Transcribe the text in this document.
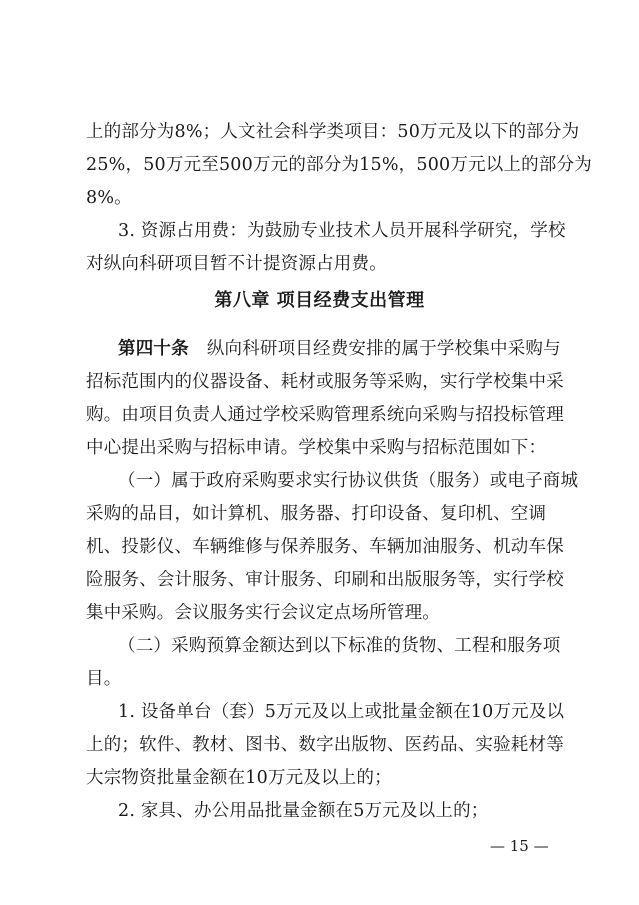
上的部分为8%；人文社会科学类项目：50万元及以下的部分为
25%，50万元至500万元的部分为15%，500万元以上的部分为
8%。
3. 资源占用费：为鼓励专业技术人员开展科学研究，学校
对纵向科研项目暂不计提资源占用费。
第八章 项目经费支出管理
第四十条 纵向科研项目经费安排的属于学校集中采购与
招标范围内的仪器设备、耗材或服务等采购，实行学校集中采
购。由项目负责人通过学校采购管理系统向采购与招投标管理
中心提出采购与招标申请。学校集中采购与招标范围如下：
（一）属于政府采购要求实行协议供货（服务）或电子商城
采购的品目，如计算机、服务器、打印设备、复印机、空调
机、投影仪、车辆维修与保养服务、车辆加油服务、机动车保
险服务、会计服务、审计服务、印刷和出版服务等，实行学校
集中采购。会议服务实行会议定点场所管理。
（二）采购预算金额达到以下标准的货物、工程和服务项
目。
1. 设备单台（套）5万元及以上或批量金额在10万元及以
上的；软件、教材、图书、数字出版物、医药品、实验耗材等
大宗物资批量金额在10万元及以上的；
2. 家具、办公用品批量金额在5万元及以上的；
— 15 —
